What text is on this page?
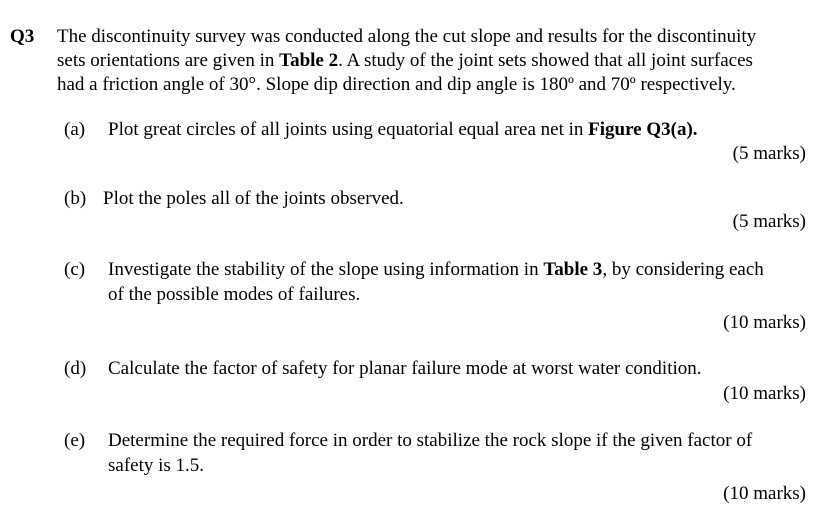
Q3 The discontinuity survey was conducted along the cut slope and results for the discontinuity
sets orientations are given in Table 2. A study of the joint sets showed that all joint surfaces
had a friction angle of 30°. Slope dip direction and dip angle is 180º and 70º respectively.
(a) Plot great circles of all joints using equatorial equal area net in Figure Q3(a).
(5 marks)
(b) Plot the poles all of the joints observed.
(5 marks)
(c) Investigate the stability of the slope using information in Table 3, by considering each
of the possible modes of failures.
(10 marks)
(d) Calculate the factor of safety for planar failure mode at worst water condition.
(10 marks)
(e) Determine the required force in order to stabilize the rock slope if the given factor of
safety is 1.5.
(10 marks)
